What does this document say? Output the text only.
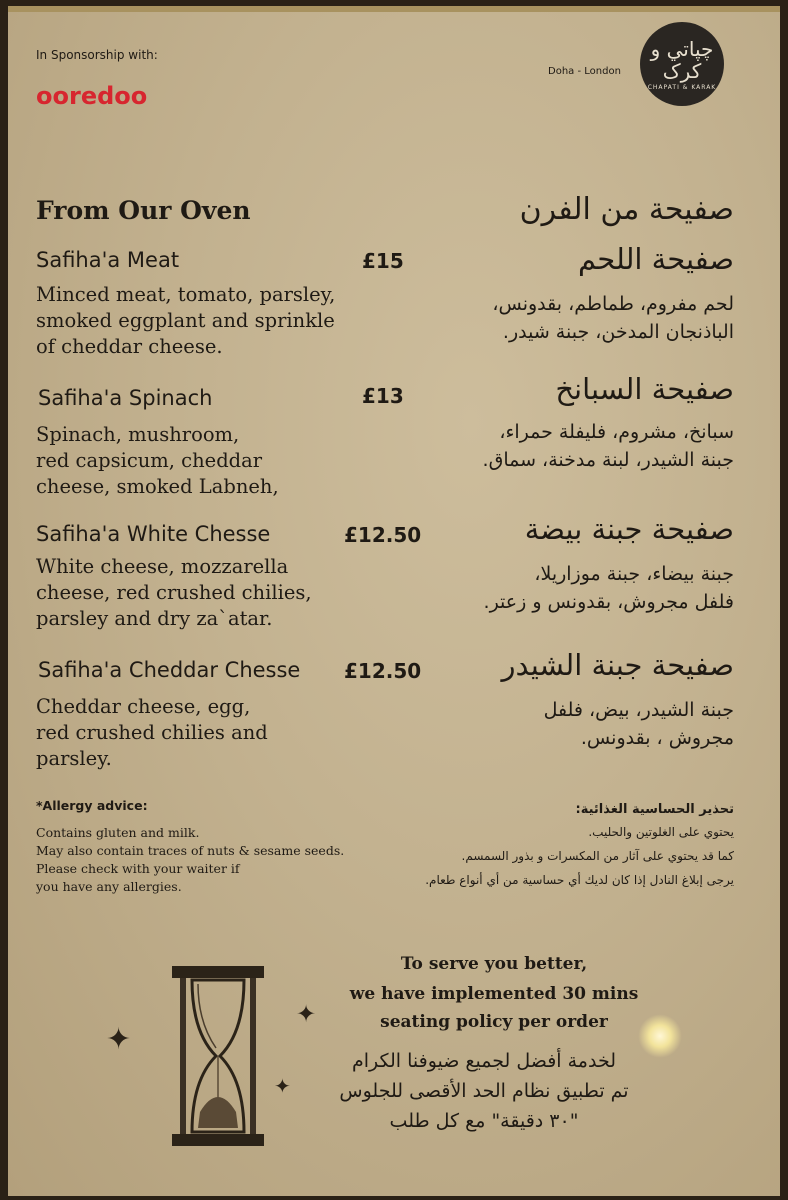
In Sponsorship with:
ooredoo
Doha - London
چپاتي و کرک
CHAPATI & KARAK
From Our Oven	صفيحة من الفرن
Safiha'a Meat	£15
Minced meat, tomato, parsley,
smoked eggplant and sprinkle
of cheddar cheese.
صفيحة اللحم
لحم مفروم، طماطم، بقدونس،
الباذنجان المدخن، جبنة شيدر.
Safiha'a Spinach	£13
Spinach, mushroom,
red capsicum, cheddar
cheese, smoked Labneh,
صفيحة السبانخ
سبانخ، مشروم، فليفلة حمراء،
جبنة الشيدر، لبنة مدخنة، سماق.
Safiha'a White Chesse	£12.50
White cheese, mozzarella
cheese, red crushed chilies,
parsley and dry za`atar.
صفيحة جبنة بيضة
جبنة بيضاء، جبنة موزاريلا،
فلفل مجروش، بقدونس و زعتر.
Safiha'a Cheddar Chesse £12.50
Cheddar cheese, egg,
red crushed chilies and
parsley.
صفيحة جبنة الشيدر
جبنة الشيدر، بيض، فلفل
مجروش ، بقدونس.
*Allergy advice:
Contains gluten and milk.
May also contain traces of nuts & sesame seeds.
Please check with your waiter if
you have any allergies.
تحذير الحساسية الغذائية:
يحتوي على الغلوتين والحليب.
كما قد يحتوي على آثار من المكسرات و بذور السمسم.
يرجى إبلاغ النادل إذا كان لديك أي حساسية من أي أنواع طعام.
✦
✦
✦
To serve you better,
we have implemented 30 mins
seating policy per order
لخدمة أفضل لجميع ضيوفنا الكرام
تم تطبيق نظام الحد الأقصى للجلوس
"٣٠ دقيقة" مع كل طلب
